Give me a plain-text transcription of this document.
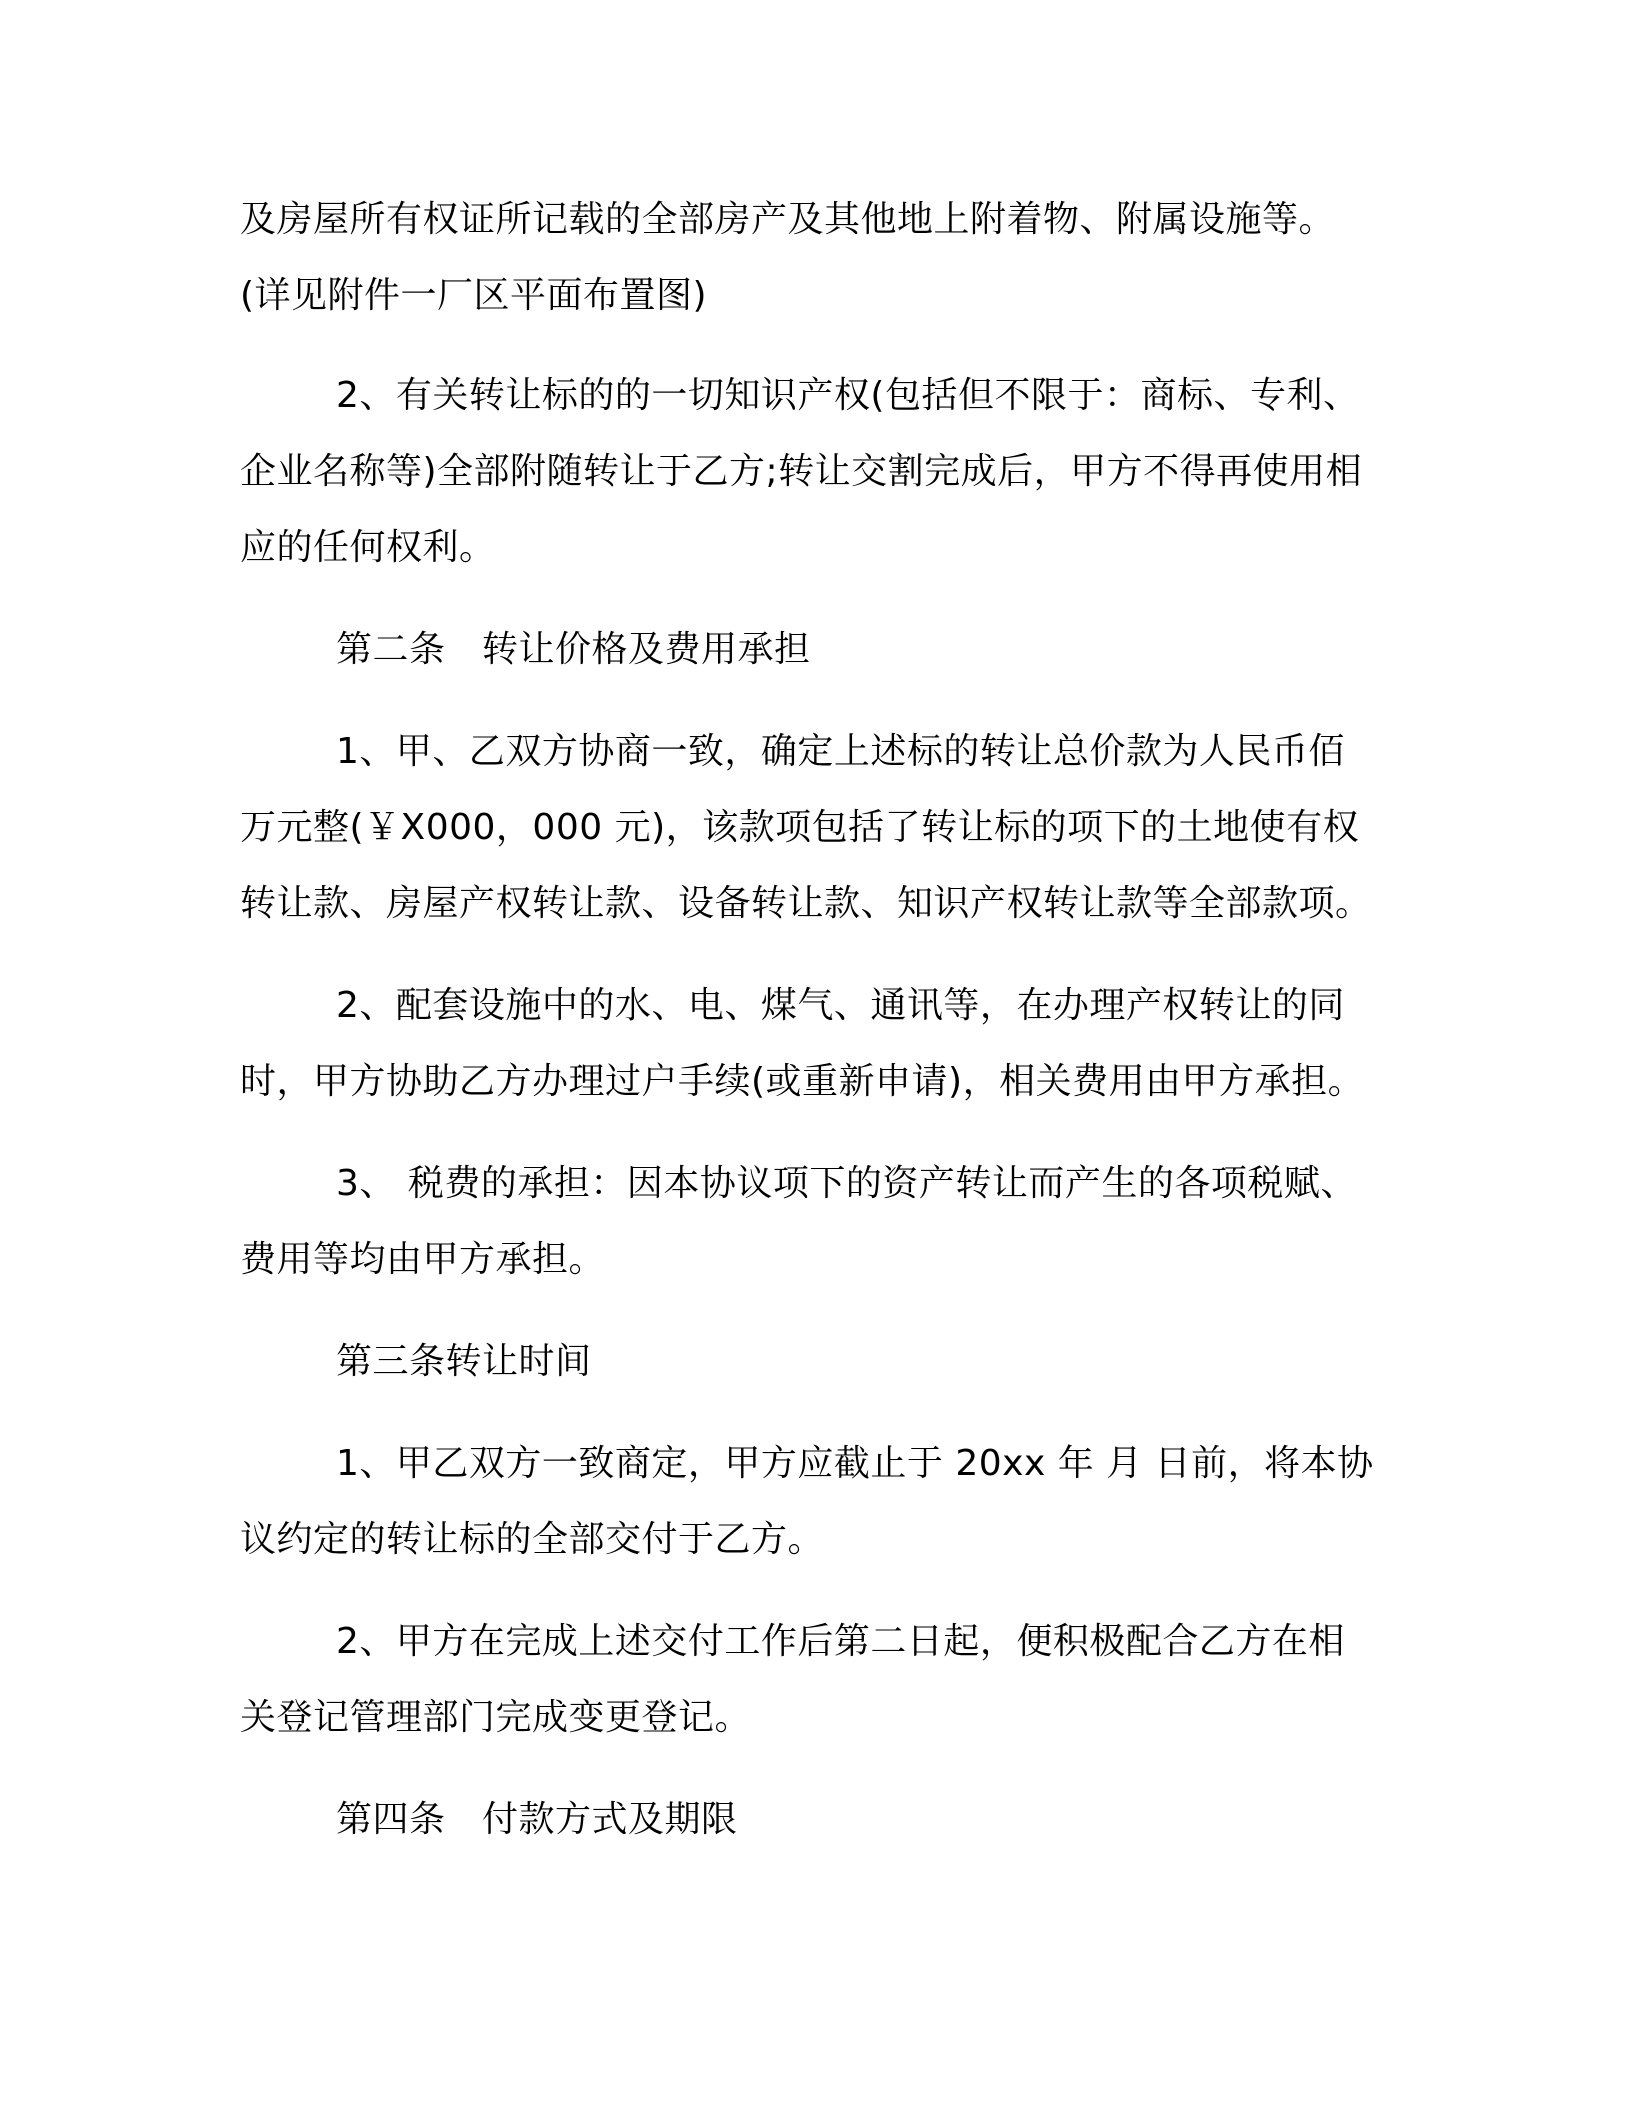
及房屋所有权证所记载的全部房产及其他地上附着物、附属设施等。
(详见附件一厂区平面布置图)
2、有关转让标的的一切知识产权(包括但不限于：商标、专利、
企业名称等)全部附随转让于乙方;转让交割完成后，甲方不得再使用相
应的任何权利。
第二条　转让价格及费用承担
1、甲、乙双方协商一致，确定上述标的转让总价款为人民币佰
万元整(￥X000，000 元)，该款项包括了转让标的项下的土地使有权
转让款、房屋产权转让款、设备转让款、知识产权转让款等全部款项。
2、配套设施中的水、电、煤气、通讯等，在办理产权转让的同
时，甲方协助乙方办理过户手续(或重新申请)，相关费用由甲方承担。
3、 税费的承担：因本协议项下的资产转让而产生的各项税赋、
费用等均由甲方承担。
第三条转让时间
1、甲乙双方一致商定，甲方应截止于 20xx 年 月 日前，将本协
议约定的转让标的全部交付于乙方。
2、甲方在完成上述交付工作后第二日起，便积极配合乙方在相
关登记管理部门完成变更登记。
第四条　付款方式及期限
